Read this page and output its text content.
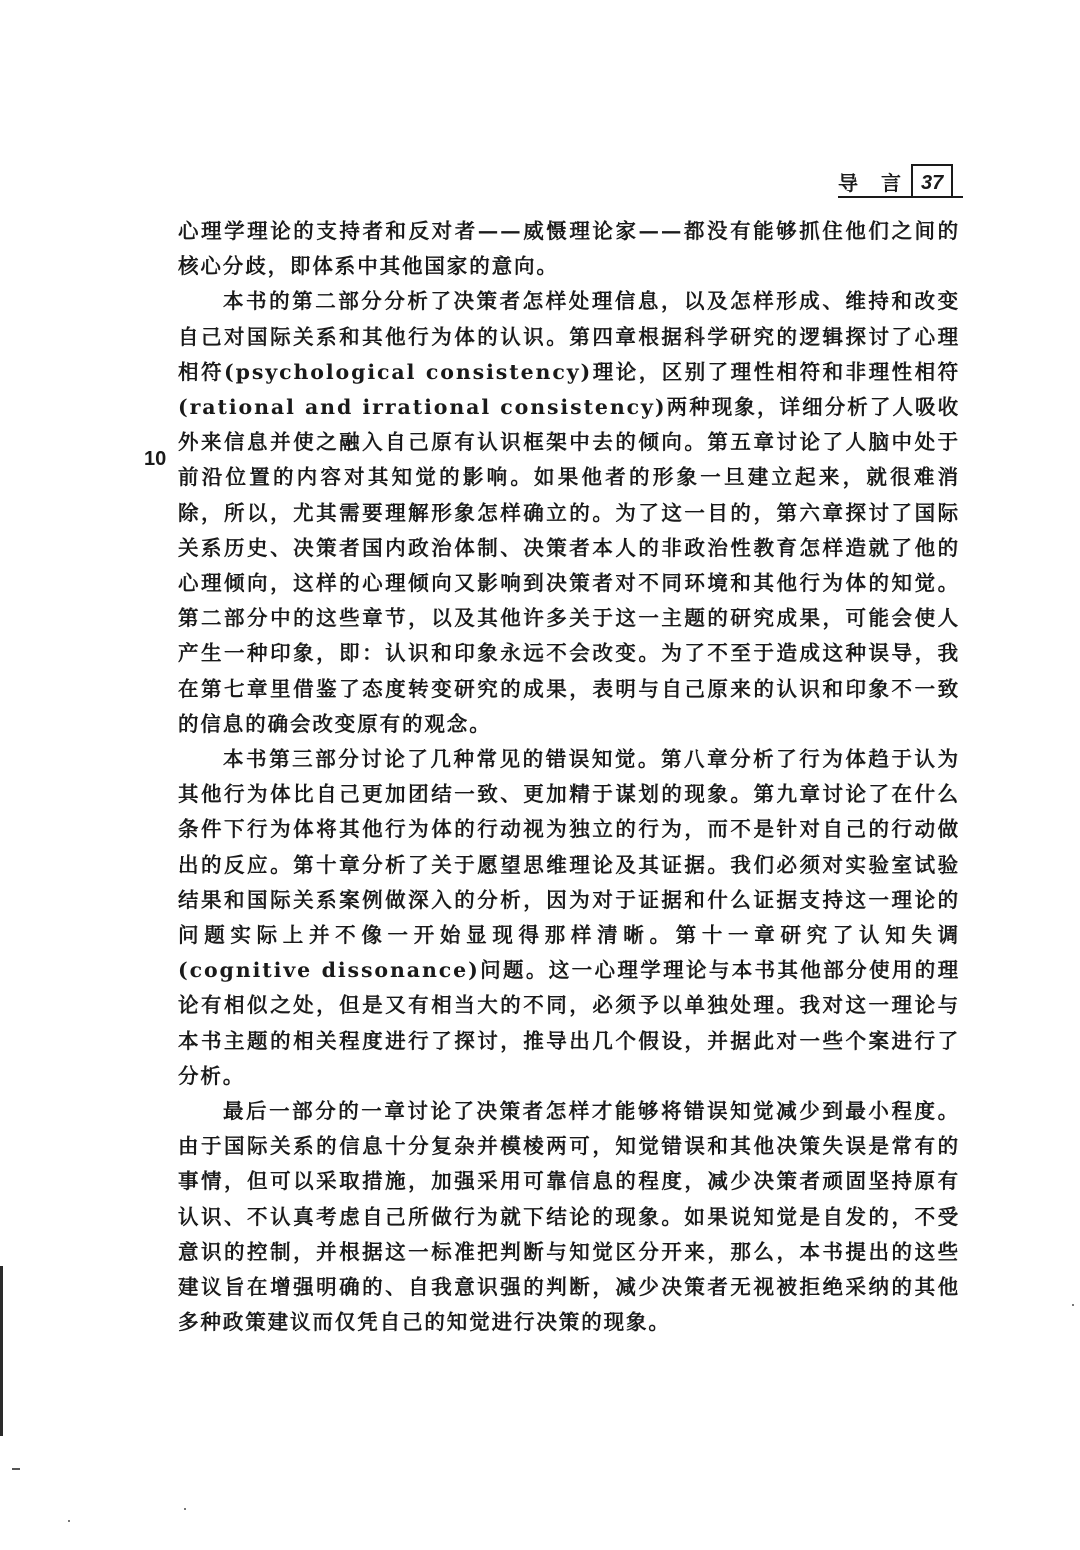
导 言 37
10

心理学理论的支持者和反对者——威慑理论家——都没有能够抓住他们之间的核心分歧，即体系中其他国家的意向。

本书的第二部分分析了决策者怎样处理信息，以及怎样形成、维持和改变自己对国际关系和其他行为体的认识。第四章根据科学研究的逻辑探讨了心理相符(psychological consistency)理论，区别了理性相符和非理性相符(rational and irrational consistency)两种现象，详细分析了人吸收外来信息并使之融入自己原有认识框架中去的倾向。第五章讨论了人脑中处于前沿位置的内容对其知觉的影响。如果他者的形象一旦建立起来，就很难消除，所以，尤其需要理解形象怎样确立的。为了这一目的，第六章探讨了国际关系历史、决策者国内政治体制、决策者本人的非政治性教育怎样造就了他的心理倾向，这样的心理倾向又影响到决策者对不同环境和其他行为体的知觉。第二部分中的这些章节，以及其他许多关于这一主题的研究成果，可能会使人产生一种印象，即：认识和印象永远不会改变。为了不至于造成这种误导，我在第七章里借鉴了态度转变研究的成果，表明与自己原来的认识和印象不一致的信息的确会改变原有的观念。

本书第三部分讨论了几种常见的错误知觉。第八章分析了行为体趋于认为其他行为体比自己更加团结一致、更加精于谋划的现象。第九章讨论了在什么条件下行为体将其他行为体的行动视为独立的行为，而不是针对自己的行动做出的反应。第十章分析了关于愿望思维理论及其证据。我们必须对实验室试验结果和国际关系案例做深入的分析，因为对于证据和什么证据支持这一理论的问题实际上并不像一开始显现得那样清晰。第十一章研究了认知失调(cognitive dissonance)问题。这一心理学理论与本书其他部分使用的理论有相似之处，但是又有相当大的不同，必须予以单独处理。我对这一理论与本书主题的相关程度进行了探讨，推导出几个假设，并据此对一些个案进行了分析。

最后一部分的一章讨论了决策者怎样才能够将错误知觉减少到最小程度。由于国际关系的信息十分复杂并模棱两可，知觉错误和其他决策失误是常有的事情，但可以采取措施，加强采用可靠信息的程度，减少决策者顽固坚持原有认识、不认真考虑自己所做行为就下结论的现象。如果说知觉是自发的，不受意识的控制，并根据这一标准把判断与知觉区分开来，那么，本书提出的这些建议旨在增强明确的、自我意识强的判断，减少决策者无视被拒绝采纳的其他多种政策建议而仅凭自己的知觉进行决策的现象。
